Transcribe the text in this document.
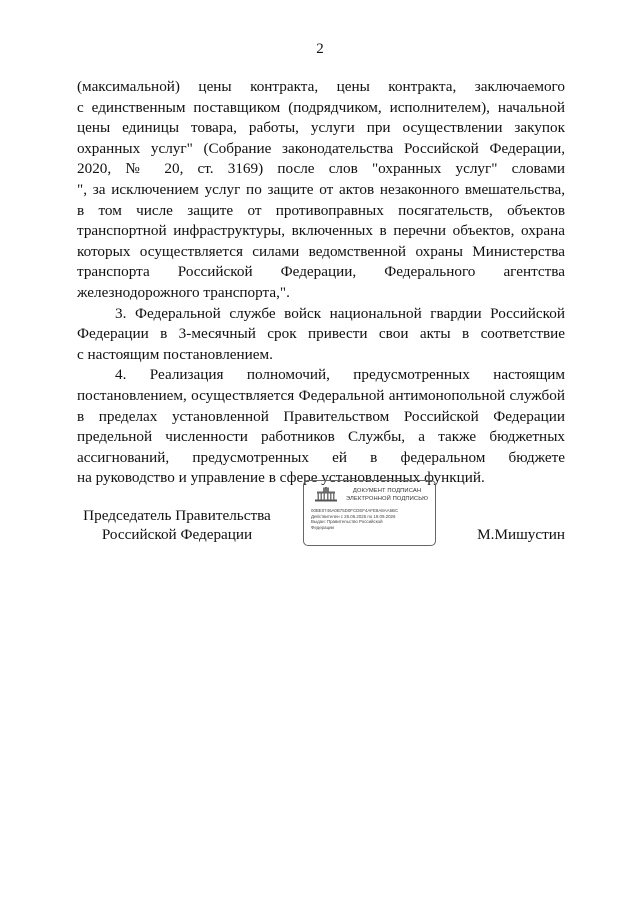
2
(максимальной) цены контракта, цены контракта, заключаемого
с единственным поставщиком (подрядчиком, исполнителем), начальной
цены единицы товара, работы, услуги при осуществлении закупок
охранных услуг" (Собрание законодательства Российской Федерации,
2020, № 20, ст. 3169) после слов "охранных услуг" словами
", за исключением услуг по защите от актов незаконного вмешательства,
в том числе защите от противоправных посягательств, объектов
транспортной инфраструктуры, включенных в перечни объектов, охрана
которых осуществляется силами ведомственной охраны Министерства
транспорта Российской Федерации, Федерального агентства
железнодорожного транспорта,".
3. Федеральной службе войск национальной гвардии Российской
Федерации в 3-месячный срок привести свои акты в соответствие
с настоящим постановлением.
4. Реализация полномочий, предусмотренных настоящим
постановлением, осуществляется Федеральной антимонопольной службой
в пределах установленной Правительством Российской Федерации
предельной численности работников Службы, а также бюджетных
ассигнований, предусмотренных ей в федеральном бюджете
на руководство и управление в сфере установленных функций.
Председатель Правительства
Российской Федерации
ДОКУМЕНТ ПОДПИСАН
ЭЛЕКТРОННОЙ ПОДПИСЬЮ
00BE0746A0B75D0FCDEF4AFE8A8AA5BC
Действителен с 26.06.2025 по 19.09.2026
Выдан: Правительство Российской
Федерации	М.Мишустин
